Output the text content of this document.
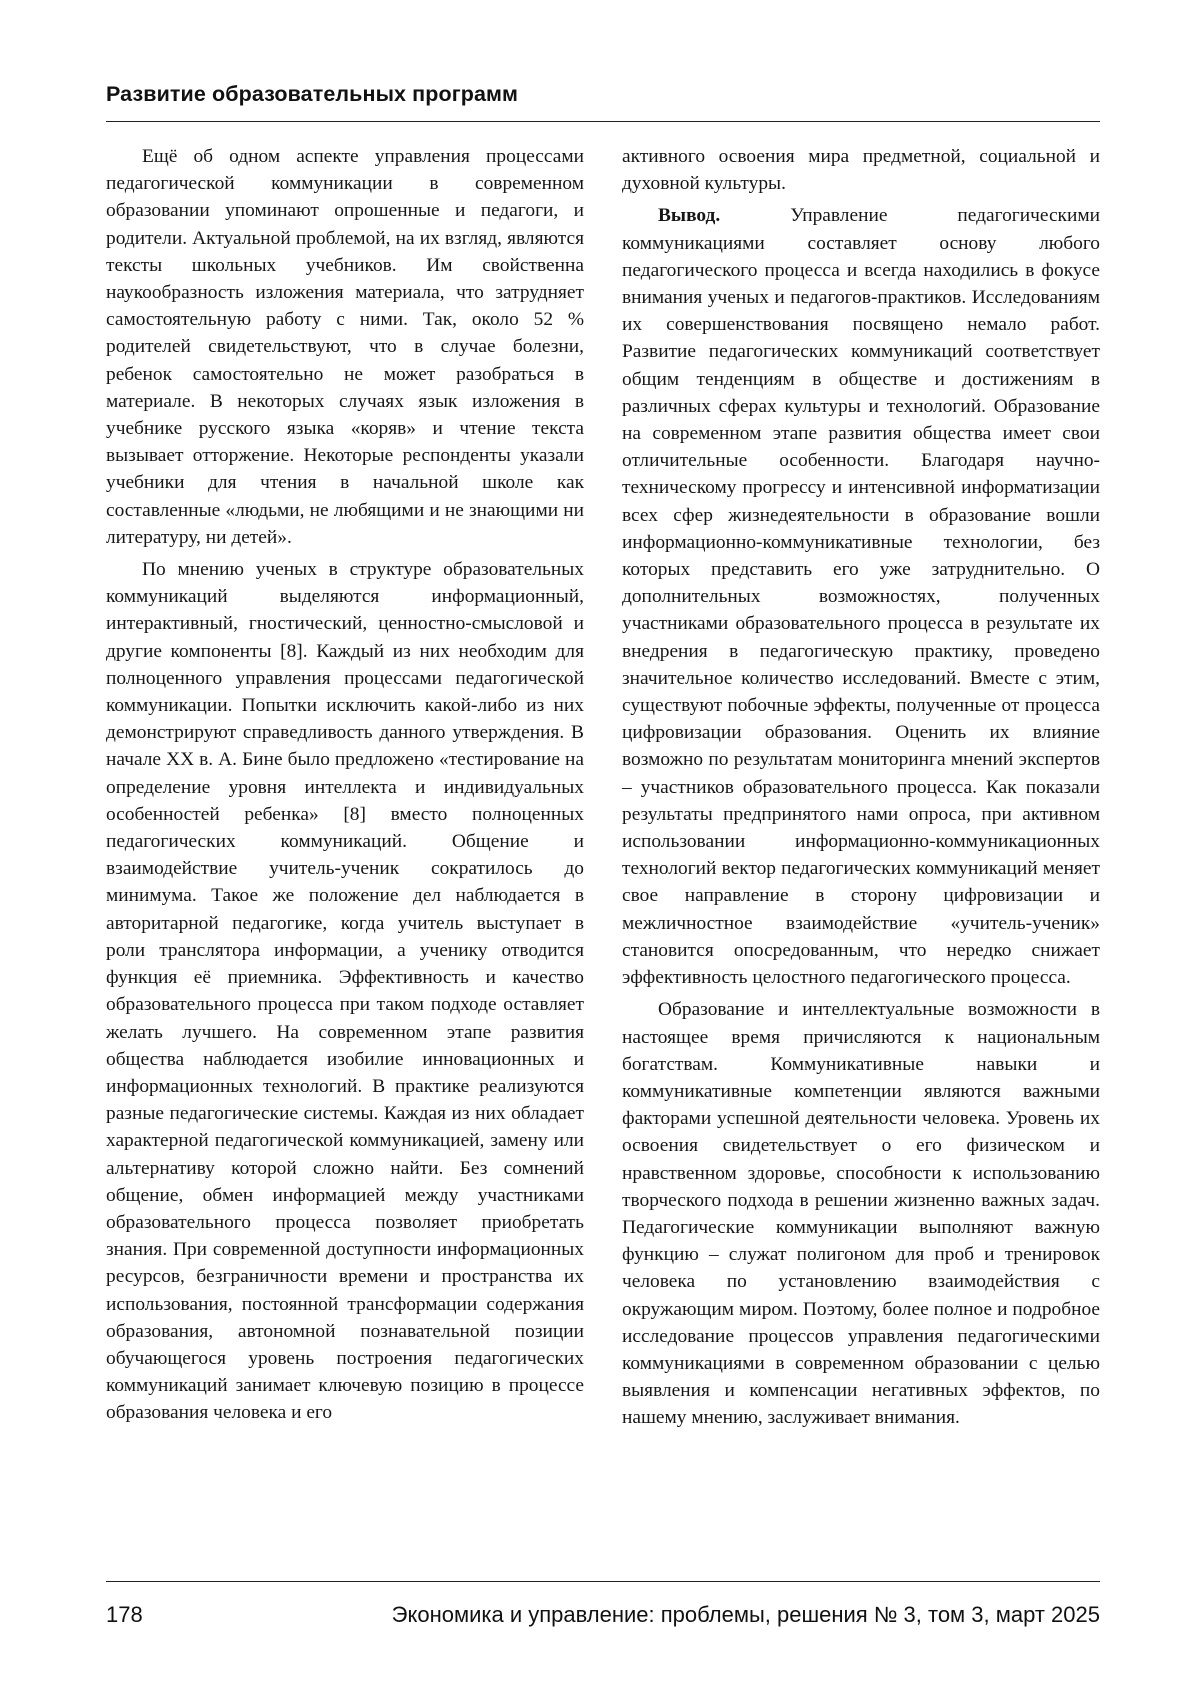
Развитие образовательных программ

Ещё об одном аспекте управления процессами педагогической коммуникации в современном образовании упоминают опрошенные и педагоги, и родители. Актуальной проблемой, на их взгляд, являются тексты школьных учебников. Им свойственна наукообразность изложения материала, что затрудняет самостоятельную работу с ними. Так, около 52 % родителей свидетельствуют, что в случае болезни, ребенок самостоятельно не может разобраться в материале. В некоторых случаях язык изложения в учебнике русского языка «коряв» и чтение текста вызывает отторжение. Некоторые респонденты указали учебники для чтения в начальной школе как составленные «людьми, не любящими и не знающими ни литературу, ни детей».

По мнению ученых в структуре образовательных коммуникаций выделяются информационный, интерактивный, гностический, ценностно-смысловой и другие компоненты [8]. Каждый из них необходим для полноценного управления процессами педагогической коммуникации. Попытки исключить какой-либо из них демонстрируют справедливость данного утверждения. В начале XX в. А. Бине было предложено «тестирование на определение уровня интеллекта и индивидуальных особенностей ребенка» [8] вместо полноценных педагогических коммуникаций. Общение и взаимодействие учитель-ученик сократилось до минимума. Такое же положение дел наблюдается в авторитарной педагогике, когда учитель выступает в роли транслятора информации, а ученику отводится функция её приемника. Эффективность и качество образовательного процесса при таком подходе оставляет желать лучшего. На современном этапе развития общества наблюдается изобилие инновационных и информационных технологий. В практике реализуются разные педагогические системы. Каждая из них обладает характерной педагогической коммуникацией, замену или альтернативу которой сложно найти. Без сомнений общение, обмен информацией между участниками образовательного процесса позволяет приобретать знания. При современной доступности информационных ресурсов, безграничности времени и пространства их использования, постоянной трансформации содержания образования, автономной познавательной позиции обучающегося уровень построения педагогических коммуникаций занимает ключевую позицию в процессе образования человека и его

активного освоения мира предметной, социальной и духовной культуры.

Вывод. Управление педагогическими коммуникациями составляет основу любого педагогического процесса и всегда находились в фокусе внимания ученых и педагогов-практиков. Исследованиям их совершенствования посвящено немало работ. Развитие педагогических коммуникаций соответствует общим тенденциям в обществе и достижениям в различных сферах культуры и технологий. Образование на современном этапе развития общества имеет свои отличительные особенности. Благодаря научно-техническому прогрессу и интенсивной информатизации всех сфер жизнедеятельности в образование вошли информационно-коммуникативные технологии, без которых представить его уже затруднительно. О дополнительных возможностях, полученных участниками образовательного процесса в результате их внедрения в педагогическую практику, проведено значительное количество исследований. Вместе с этим, существуют побочные эффекты, полученные от процесса цифровизации образования. Оценить их влияние возможно по результатам мониторинга мнений экспертов – участников образовательного процесса. Как показали результаты предпринятого нами опроса, при активном использовании информационно-коммуникационных технологий вектор педагогических коммуникаций меняет свое направление в сторону цифровизации и межличностное взаимодействие «учитель-ученик» становится опосредованным, что нередко снижает эффективность целостного педагогического процесса.

Образование и интеллектуальные возможности в настоящее время причисляются к национальным богатствам. Коммуникативные навыки и коммуникативные компетенции являются важными факторами успешной деятельности человека. Уровень их освоения свидетельствует о его физическом и нравственном здоровье, способности к использованию творческого подхода в решении жизненно важных задач. Педагогические коммуникации выполняют важную функцию – служат полигоном для проб и тренировок человека по установлению взаимодействия с окружающим миром. Поэтому, более полное и подробное исследование процессов управления педагогическими коммуникациями в современном образовании с целью выявления и компенсации негативных эффектов, по нашему мнению, заслуживает внимания.

178	Экономика и управление: проблемы, решения № 3, том 3, март 2025
